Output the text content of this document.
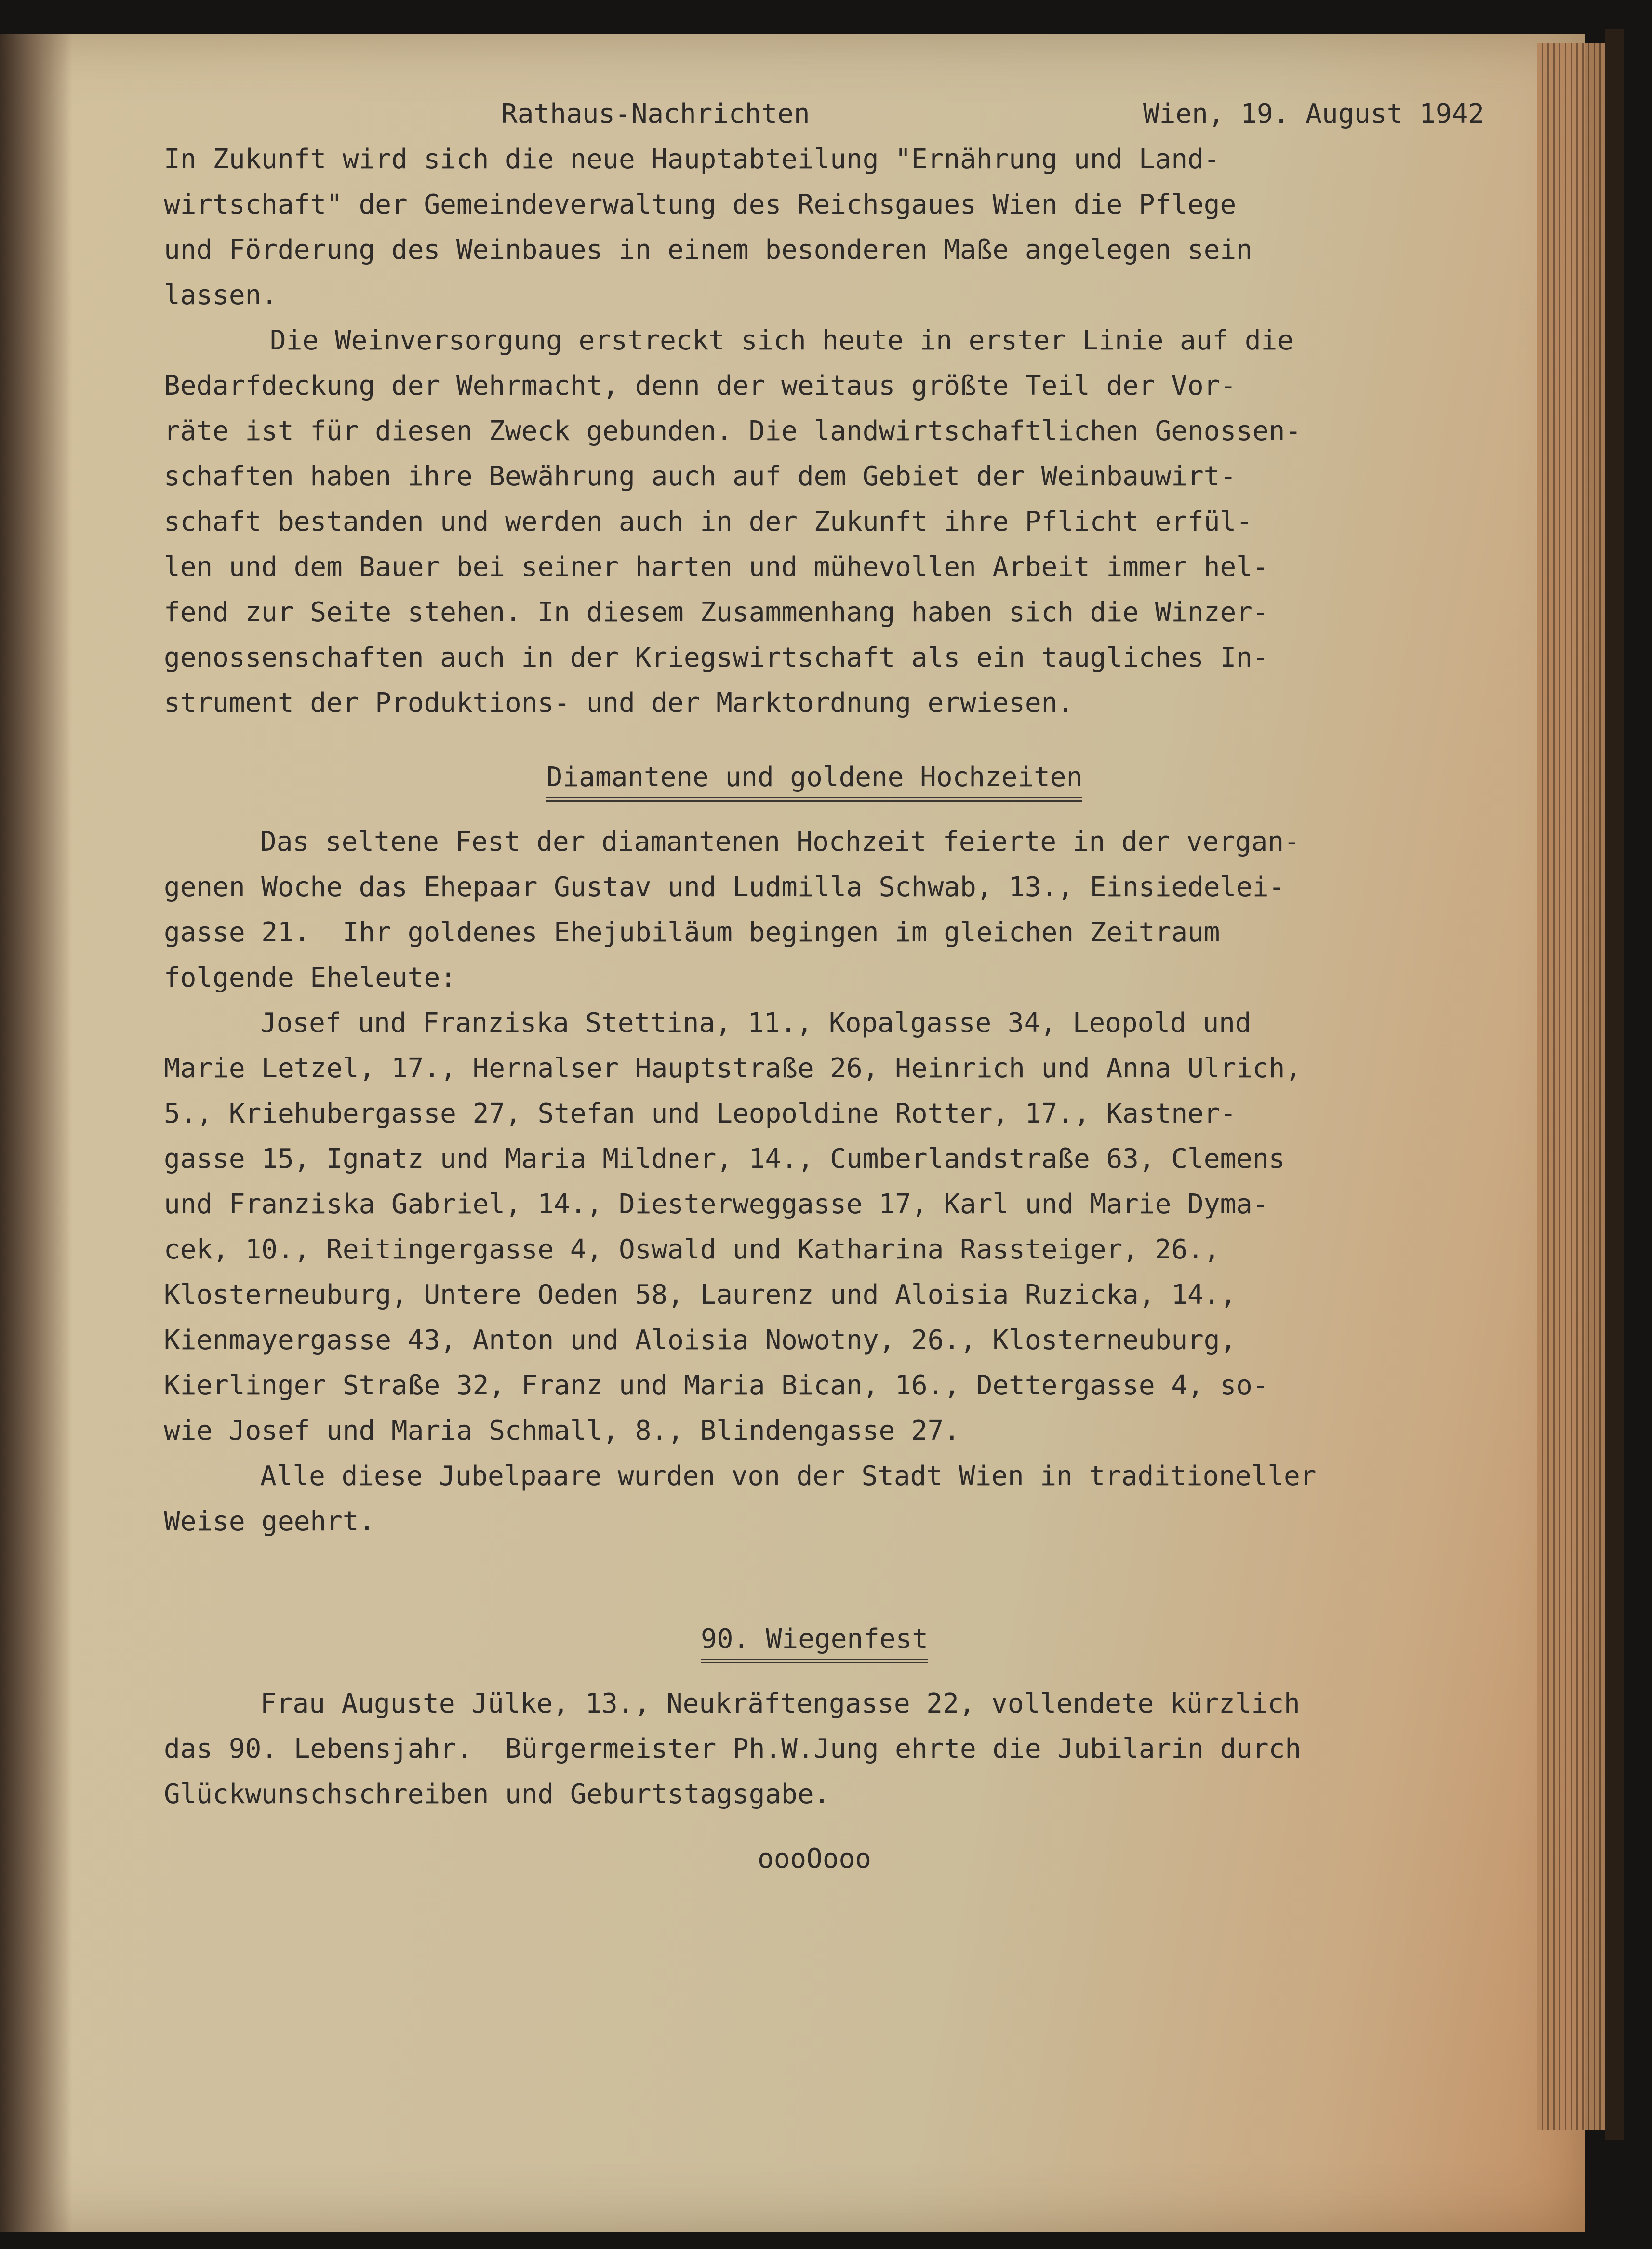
Rathaus-Nachrichten	Wien, 19. August 1942
In Zukunft wird sich die neue Hauptabteilung "Ernährung und Land-
wirtschaft" der Gemeindeverwaltung des Reichsgaues Wien die Pflege
und Förderung des Weinbaues in einem besonderen Maße angelegen sein
lassen.
Die Weinversorgung erstreckt sich heute in erster Linie auf die
Bedarfdeckung der Wehrmacht, denn der weitaus größte Teil der Vor-
räte ist für diesen Zweck gebunden. Die landwirtschaftlichen Genossen-
schaften haben ihre Bewährung auch auf dem Gebiet der Weinbauwirt-
schaft bestanden und werden auch in der Zukunft ihre Pflicht erfül-
len und dem Bauer bei seiner harten und mühevollen Arbeit immer hel-
fend zur Seite stehen. In diesem Zusammenhang haben sich die Winzer-
genossenschaften auch in der Kriegswirtschaft als ein taugliches In-
strument der Produktions- und der Marktordnung erwiesen.
Diamantene und goldene Hochzeiten
Das seltene Fest der diamantenen Hochzeit feierte in der vergan-
genen Woche das Ehepaar Gustav und Ludmilla Schwab, 13., Einsiedelei-
gasse 21.  Ihr goldenes Ehejubiläum begingen im gleichen Zeitraum
folgende Eheleute:
Josef und Franziska Stettina, 11., Kopalgasse 34, Leopold und
Marie Letzel, 17., Hernalser Hauptstraße 26, Heinrich und Anna Ulrich,
5., Kriehubergasse 27, Stefan und Leopoldine Rotter, 17., Kastner-
gasse 15, Ignatz und Maria Mildner, 14., Cumberlandstraße 63, Clemens
und Franziska Gabriel, 14., Diesterweggasse 17, Karl und Marie Dyma-
cek, 10., Reitingergasse 4, Oswald und Katharina Rassteiger, 26.,
Klosterneuburg, Untere Oeden 58, Laurenz und Aloisia Ruzicka, 14.,
Kienmayergasse 43, Anton und Aloisia Nowotny, 26., Klosterneuburg,
Kierlinger Straße 32, Franz und Maria Bican, 16., Dettergasse 4, so-
wie Josef und Maria Schmall, 8., Blindengasse 27.
Alle diese Jubelpaare wurden von der Stadt Wien in traditioneller
Weise geehrt.
90. Wiegenfest
Frau Auguste Jülke, 13., Neukräftengasse 22, vollendete kürzlich
das 90. Lebensjahr.  Bürgermeister Ph.W.Jung ehrte die Jubilarin durch
Glückwunschschreiben und Geburtstagsgabe.
oooOooo
